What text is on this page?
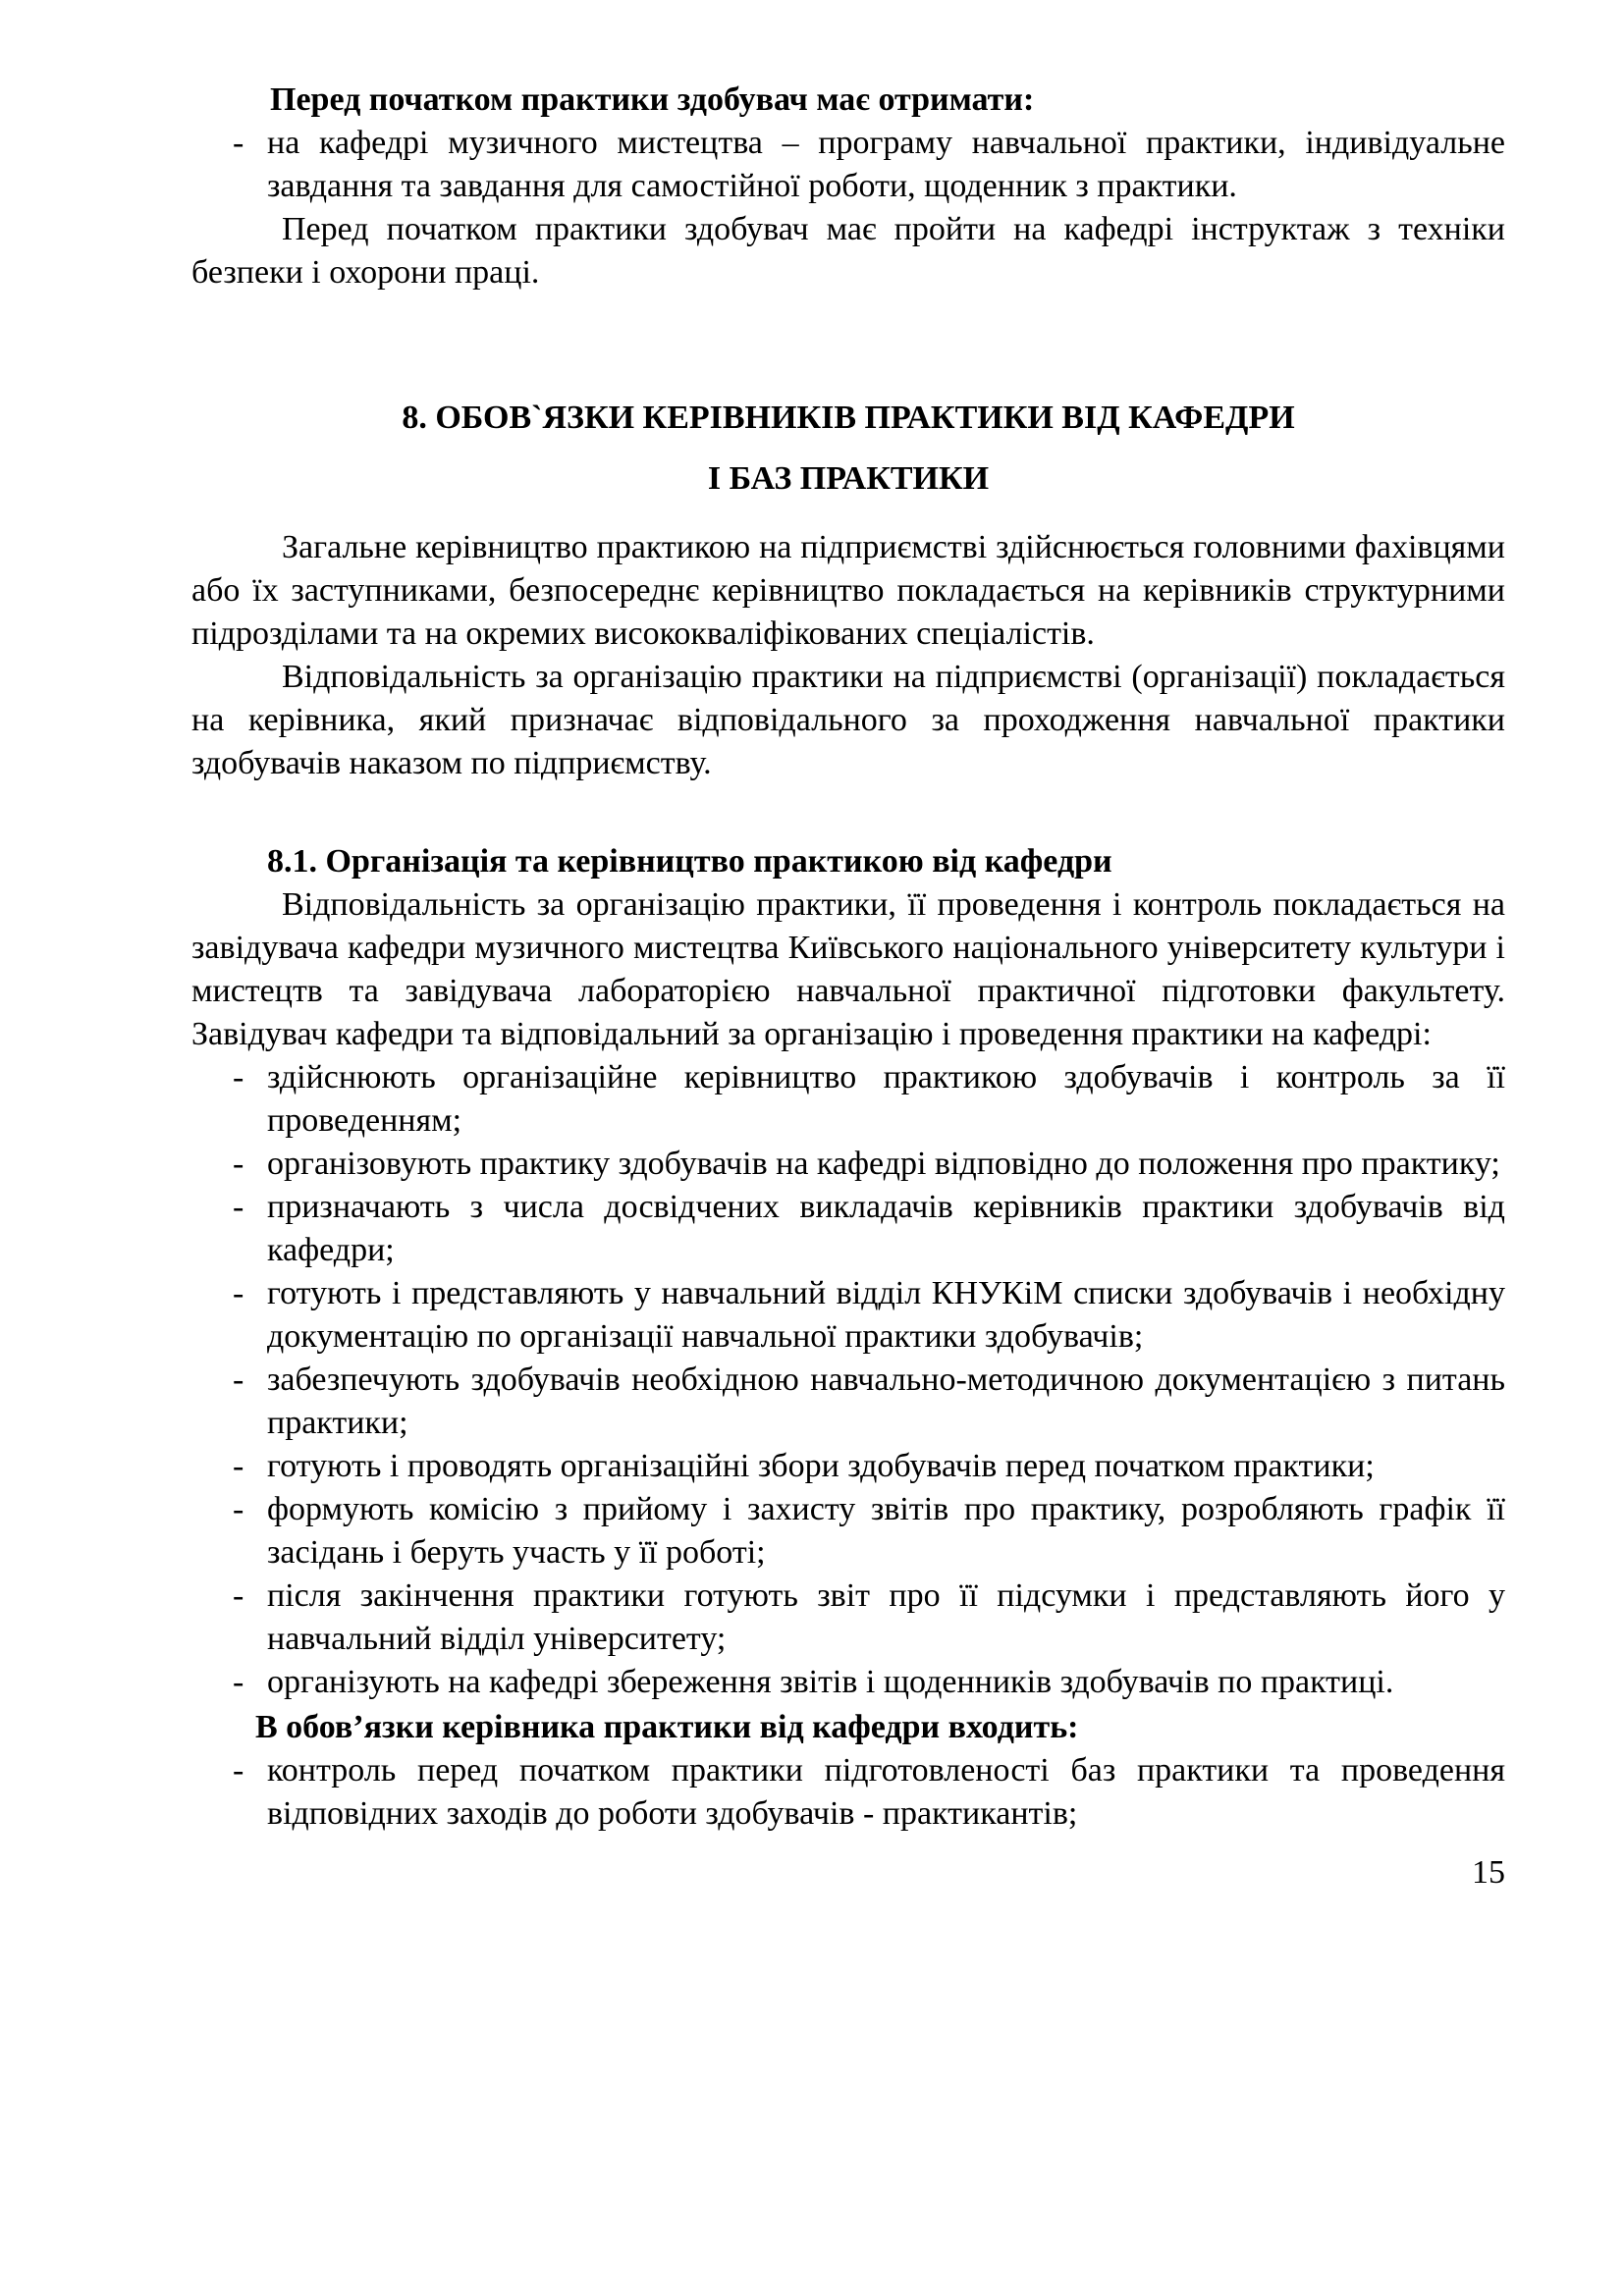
Перед початком практики здобувач має отримати:

- на кафедрі музичного мистецтва – програму навчальної практики, індивідуальне завдання та завдання для самостійної роботи, щоденник з практики.

Перед початком практики здобувач має пройти на кафедрі інструктаж з техніки безпеки і охорони праці.

8. ОБОВ`ЯЗКИ КЕРІВНИКІВ ПРАКТИКИ ВІД КАФЕДРИ
І БАЗ ПРАКТИКИ

Загальне керівництво практикою на підприємстві здійснюється головними фахівцями або їх заступниками, безпосереднє керівництво покладається на керівників структурними підрозділами та на окремих висококваліфікованих спеціалістів.

Відповідальність за організацію практики на підприємстві (організації) покладається на керівника, який призначає відповідального за проходження навчальної практики здобувачів наказом по підприємству.

8.1. Організація та керівництво практикою від кафедри

Відповідальність за організацію практики, її проведення і контроль покладається на завідувача кафедри музичного мистецтва Київського національного університету культури і мистецтв та завідувача лабораторією навчальної практичної підготовки факультету. Завідувач кафедри та відповідальний за організацію і проведення практики на кафедрі:

- здійснюють організаційне керівництво практикою здобувачів і контроль за її проведенням;
- організовують практику здобувачів на кафедрі відповідно до положення про практику;
- призначають з числа досвідчених викладачів керівників практики здобувачів від кафедри;
- готують і представляють у навчальний відділ КНУКіМ списки здобувачів і необхідну документацію по організації навчальної практики здобувачів;
- забезпечують здобувачів необхідною навчально-методичною документацією з питань практики;
- готують і проводять організаційні збори здобувачів перед початком практики;
- формують комісію з прийому і захисту звітів про практику, розробляють графік її засідань і беруть участь у її роботі;
- після закінчення практики готують звіт про її підсумки і представляють його у навчальний відділ університету;
- організують на кафедрі збереження звітів і щоденників здобувачів по практиці.

В обов’язки керівника практики від кафедри входить:

- контроль перед початком практики підготовленості баз практики та проведення відповідних заходів до роботи здобувачів - практикантів;
15
